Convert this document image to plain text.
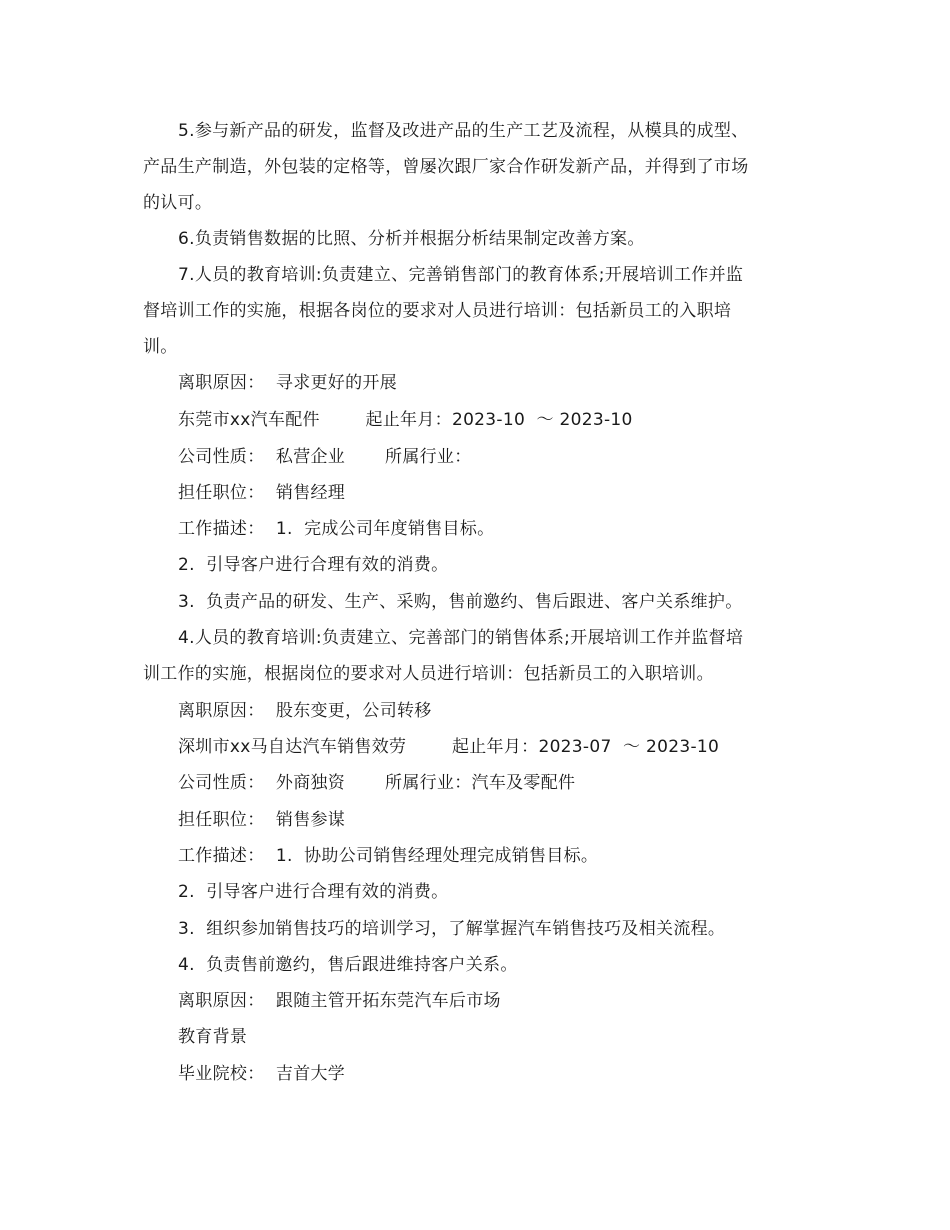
5.参与新产品的研发，监督及改进产品的生产工艺及流程，从模具的成型、
产品生产制造，外包装的定格等，曾屡次跟厂家合作研发新产品，并得到了市场
的认可。
6.负责销售数据的比照、分析并根据分析结果制定改善方案。
7.人员的教育培训:负责建立、完善销售部门的教育体系;开展培训工作并监
督培训工作的实施，根据各岗位的要求对人员进行培训：包括新员工的入职培
训。
离职原因：  寻求更好的开展
东莞市xx汽车配件        起止年月：2023-10  ～ 2023-10
公司性质：  私营企业       所属行业：
担任职位：  销售经理
工作描述：  1.  完成公司年度销售目标。
2.  引导客户进行合理有效的消费。
3.  负责产品的研发、生产、采购，售前邀约、售后跟进、客户关系维护。
4.人员的教育培训:负责建立、完善部门的销售体系;开展培训工作并监督培
训工作的实施，根据岗位的要求对人员进行培训：包括新员工的入职培训。
离职原因：  股东变更，公司转移
深圳市xx马自达汽车销售效劳        起止年月：2023-07  ～ 2023-10
公司性质：  外商独资       所属行业：汽车及零配件
担任职位：  销售参谋
工作描述：  1.  协助公司销售经理处理完成销售目标。
2.  引导客户进行合理有效的消费。
3.  组织参加销售技巧的培训学习，了解掌握汽车销售技巧及相关流程。
4.  负责售前邀约，售后跟进维持客户关系。
离职原因：  跟随主管开拓东莞汽车后市场
教育背景
毕业院校：  吉首大学
